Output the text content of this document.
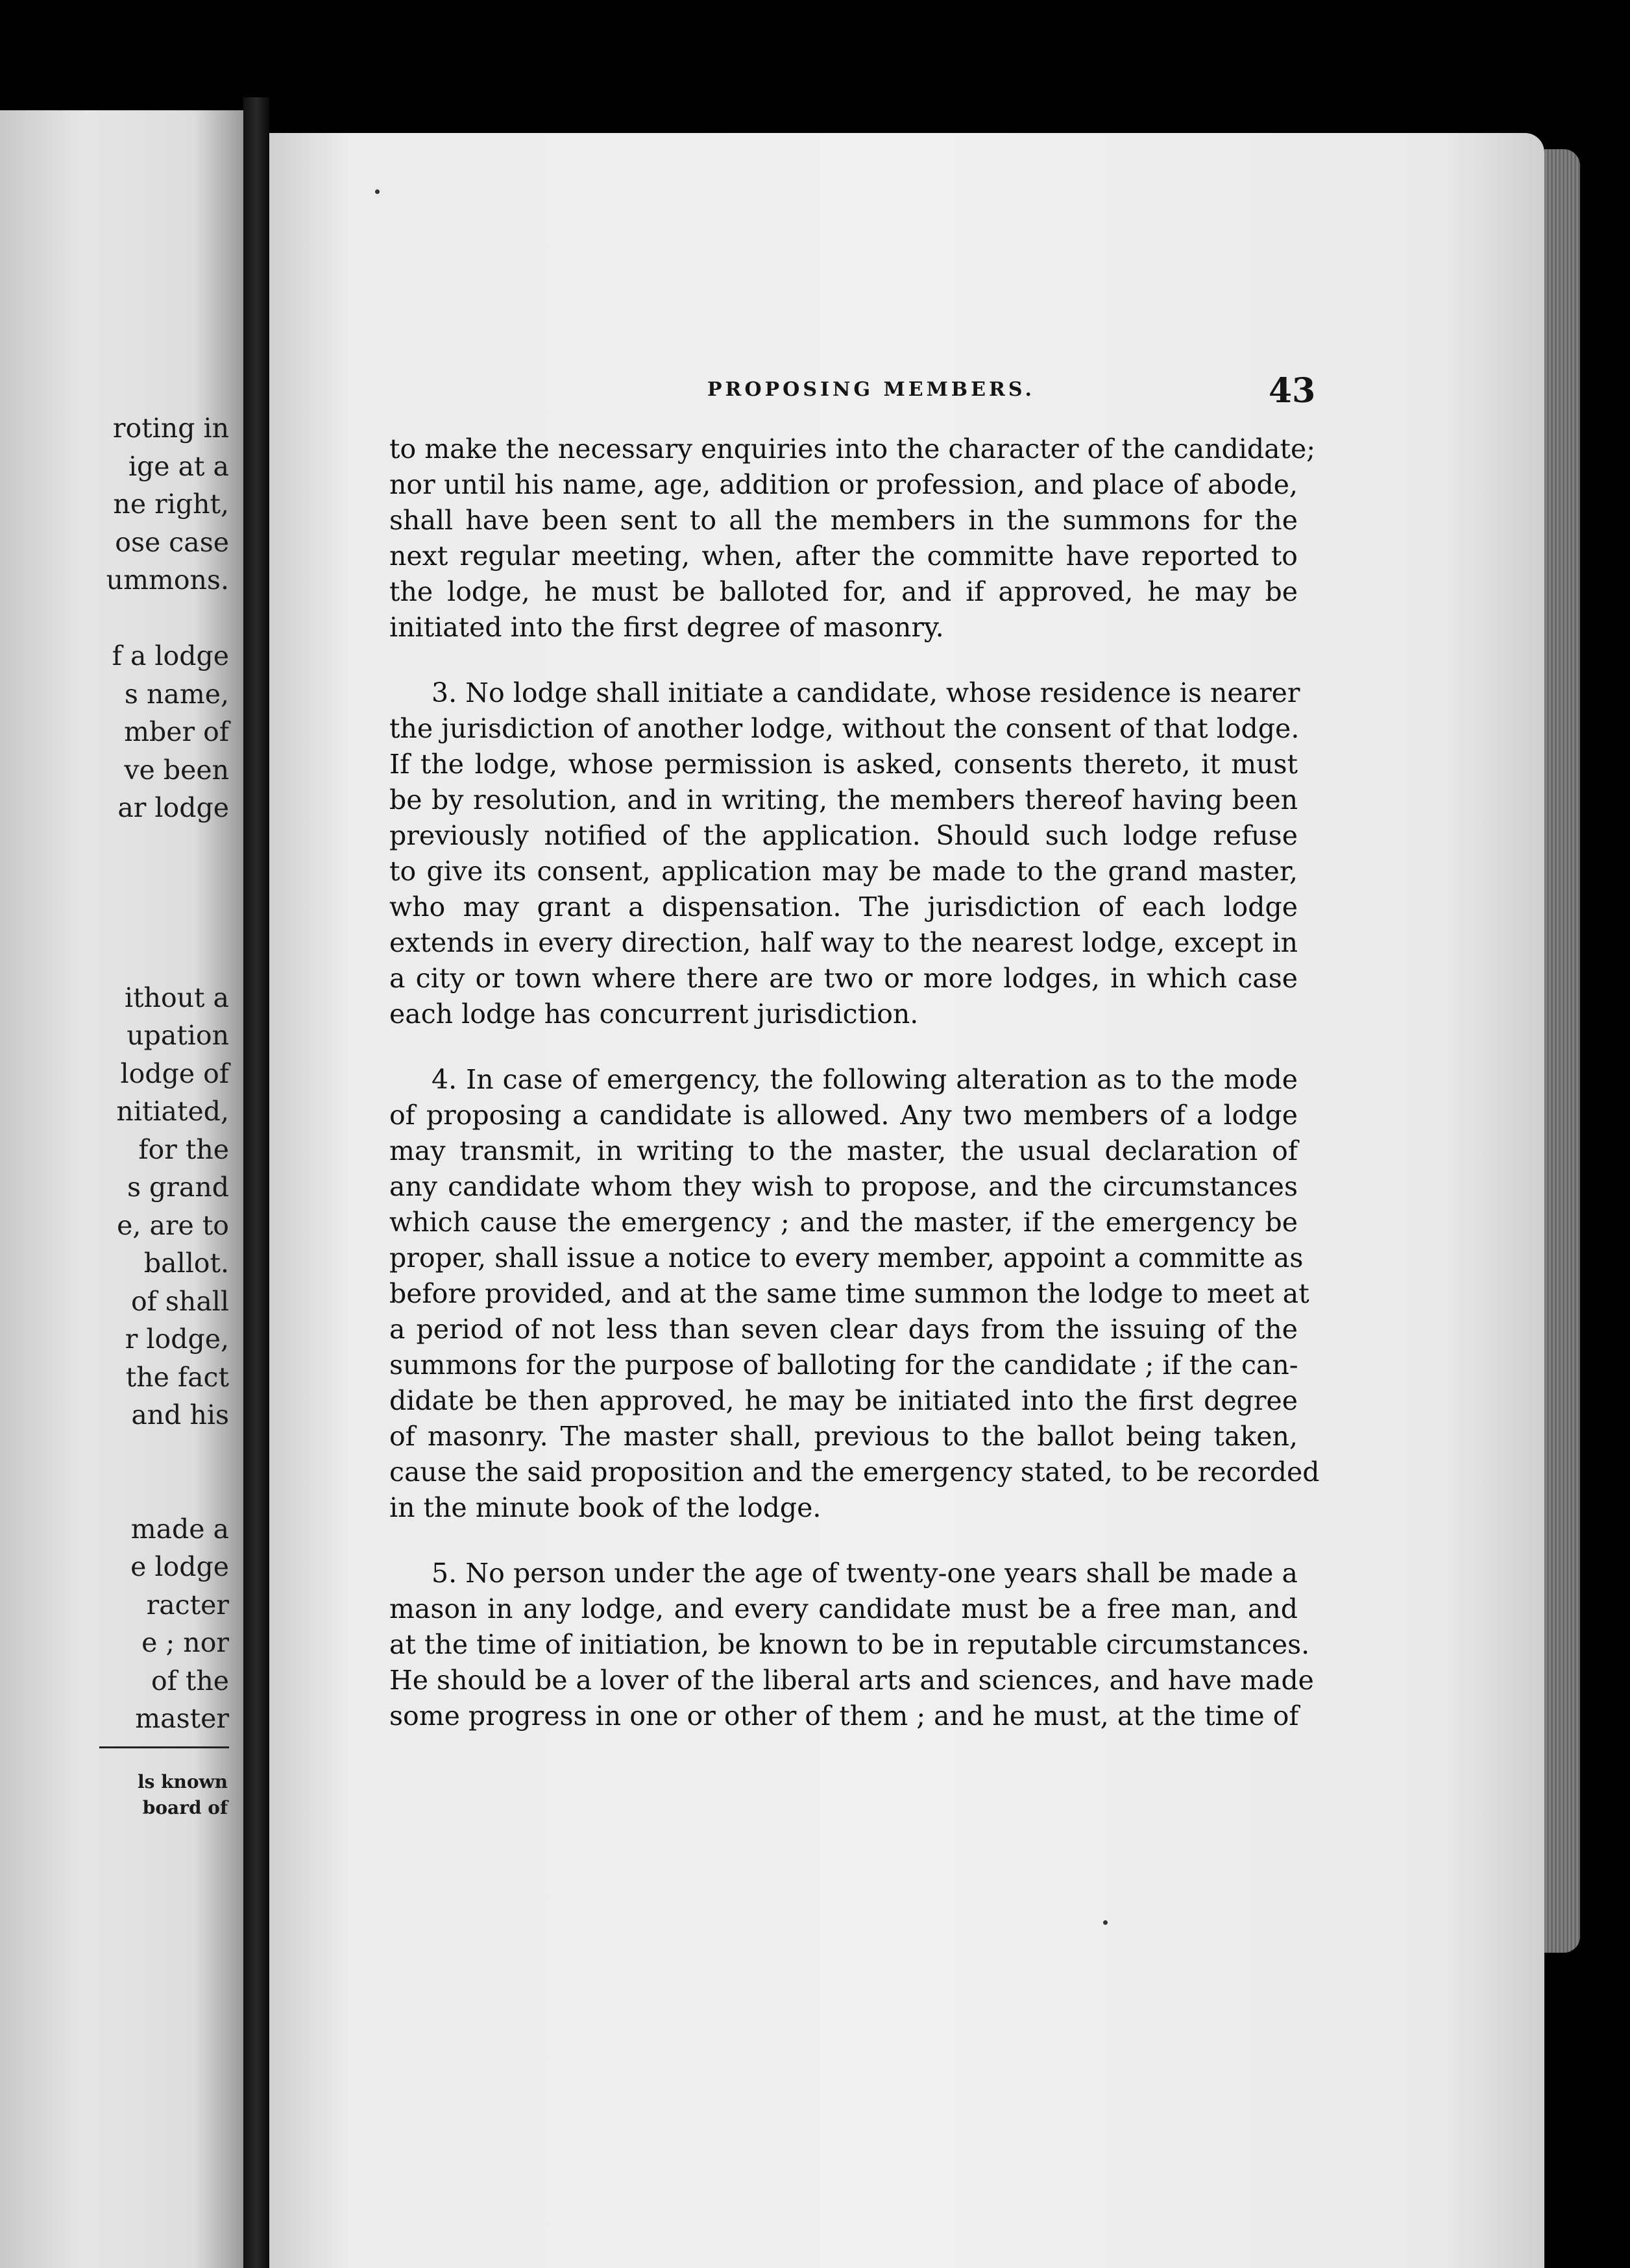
roting in
ige at a
ne right,
ose case
ummons.
f a lodge
s name,
mber of
ve been
ar lodge
ithout a
upation
lodge of
nitiated,
for the
s grand
e, are to
ballot.
of shall
r lodge,
the fact
and his
made a
e lodge
racter
e ; nor
of the
master
ls known
board of
PROPOSING MEMBERS.	43
to make the necessary enquiries into the character of the candidate;
nor until his name, age, addition or profession, and place of abode,
shall have been sent to all the members in the summons for the
next regular meeting, when, after the committe have reported to
the lodge, he must be balloted for, and if approved, he may be
initiated into the first degree of masonry.
3. No lodge shall initiate a candidate, whose residence is nearer
the jurisdiction of another lodge, without the consent of that lodge.
If the lodge, whose permission is asked, consents thereto, it must
be by resolution, and in writing, the members thereof having been
previously notified of the application. Should such lodge refuse
to give its consent, application may be made to the grand master,
who may grant a dispensation. The jurisdiction of each lodge
extends in every direction, half way to the nearest lodge, except in
a city or town where there are two or more lodges, in which case
each lodge has concurrent jurisdiction.
4. In case of emergency, the following alteration as to the mode
of proposing a candidate is allowed. Any two members of a lodge
may transmit, in writing to the master, the usual declaration of
any candidate whom they wish to propose, and the circumstances
which cause the emergency ; and the master, if the emergency be
proper, shall issue a notice to every member, appoint a committe as
before provided, and at the same time summon the lodge to meet at
a period of not less than seven clear days from the issuing of the
summons for the purpose of balloting for the candidate ; if the can-
didate be then approved, he may be initiated into the first degree
of masonry. The master shall, previous to the ballot being taken,
cause the said proposition and the emergency stated, to be recorded
in the minute book of the lodge.
5. No person under the age of twenty-one years shall be made a
mason in any lodge, and every candidate must be a free man, and
at the time of initiation, be known to be in reputable circumstances.
He should be a lover of the liberal arts and sciences, and have made
some progress in one or other of them ; and he must, at the time of
